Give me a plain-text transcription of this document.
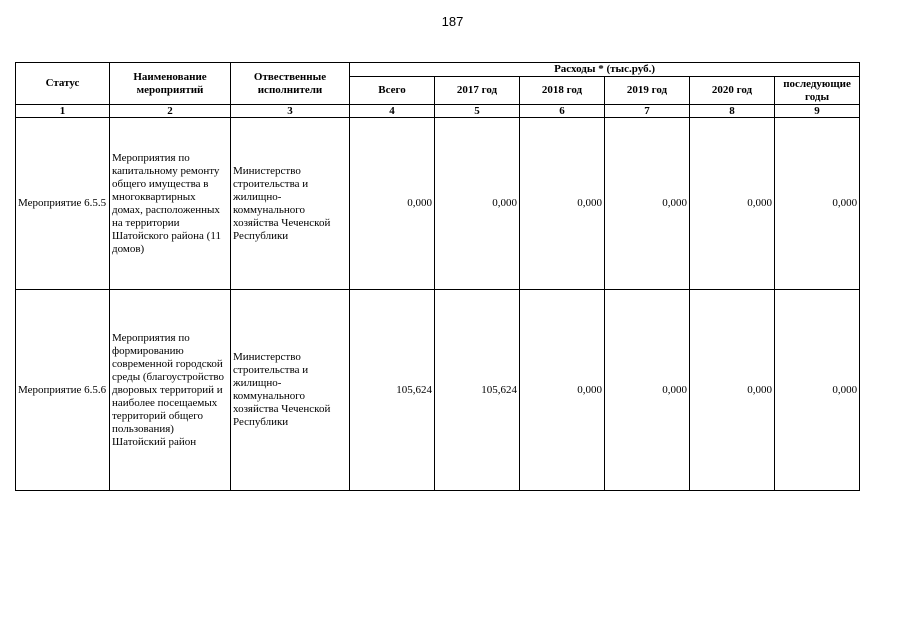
187
Статус	Наименование мероприятий	Отвественные исполнители	Расходы * (тыс.руб.)					
			Всего	2017 год	2018 год	2019 год	2020 год	последующие годы
1	2	3	4	5	6	7	8	9
Мероприятие 6.5.5	Мероприятия по капитальному ремонту общего имущества в многоквартирных домах, расположенных на территории Шатойского района (11 домов)	Министерство строительства и жилищно-коммунального хозяйства Чеченской Республики	0,000	0,000	0,000	0,000	0,000	0,000
Мероприятие 6.5.6	Мероприятия по формированию современной городской среды (благоустройство дворовых территорий и наиболее посещаемых территорий общего пользования) Шатойский район	Министерство строительства и жилищно-коммунального хозяйства Чеченской Республики	105,624	105,624	0,000	0,000	0,000	0,000
